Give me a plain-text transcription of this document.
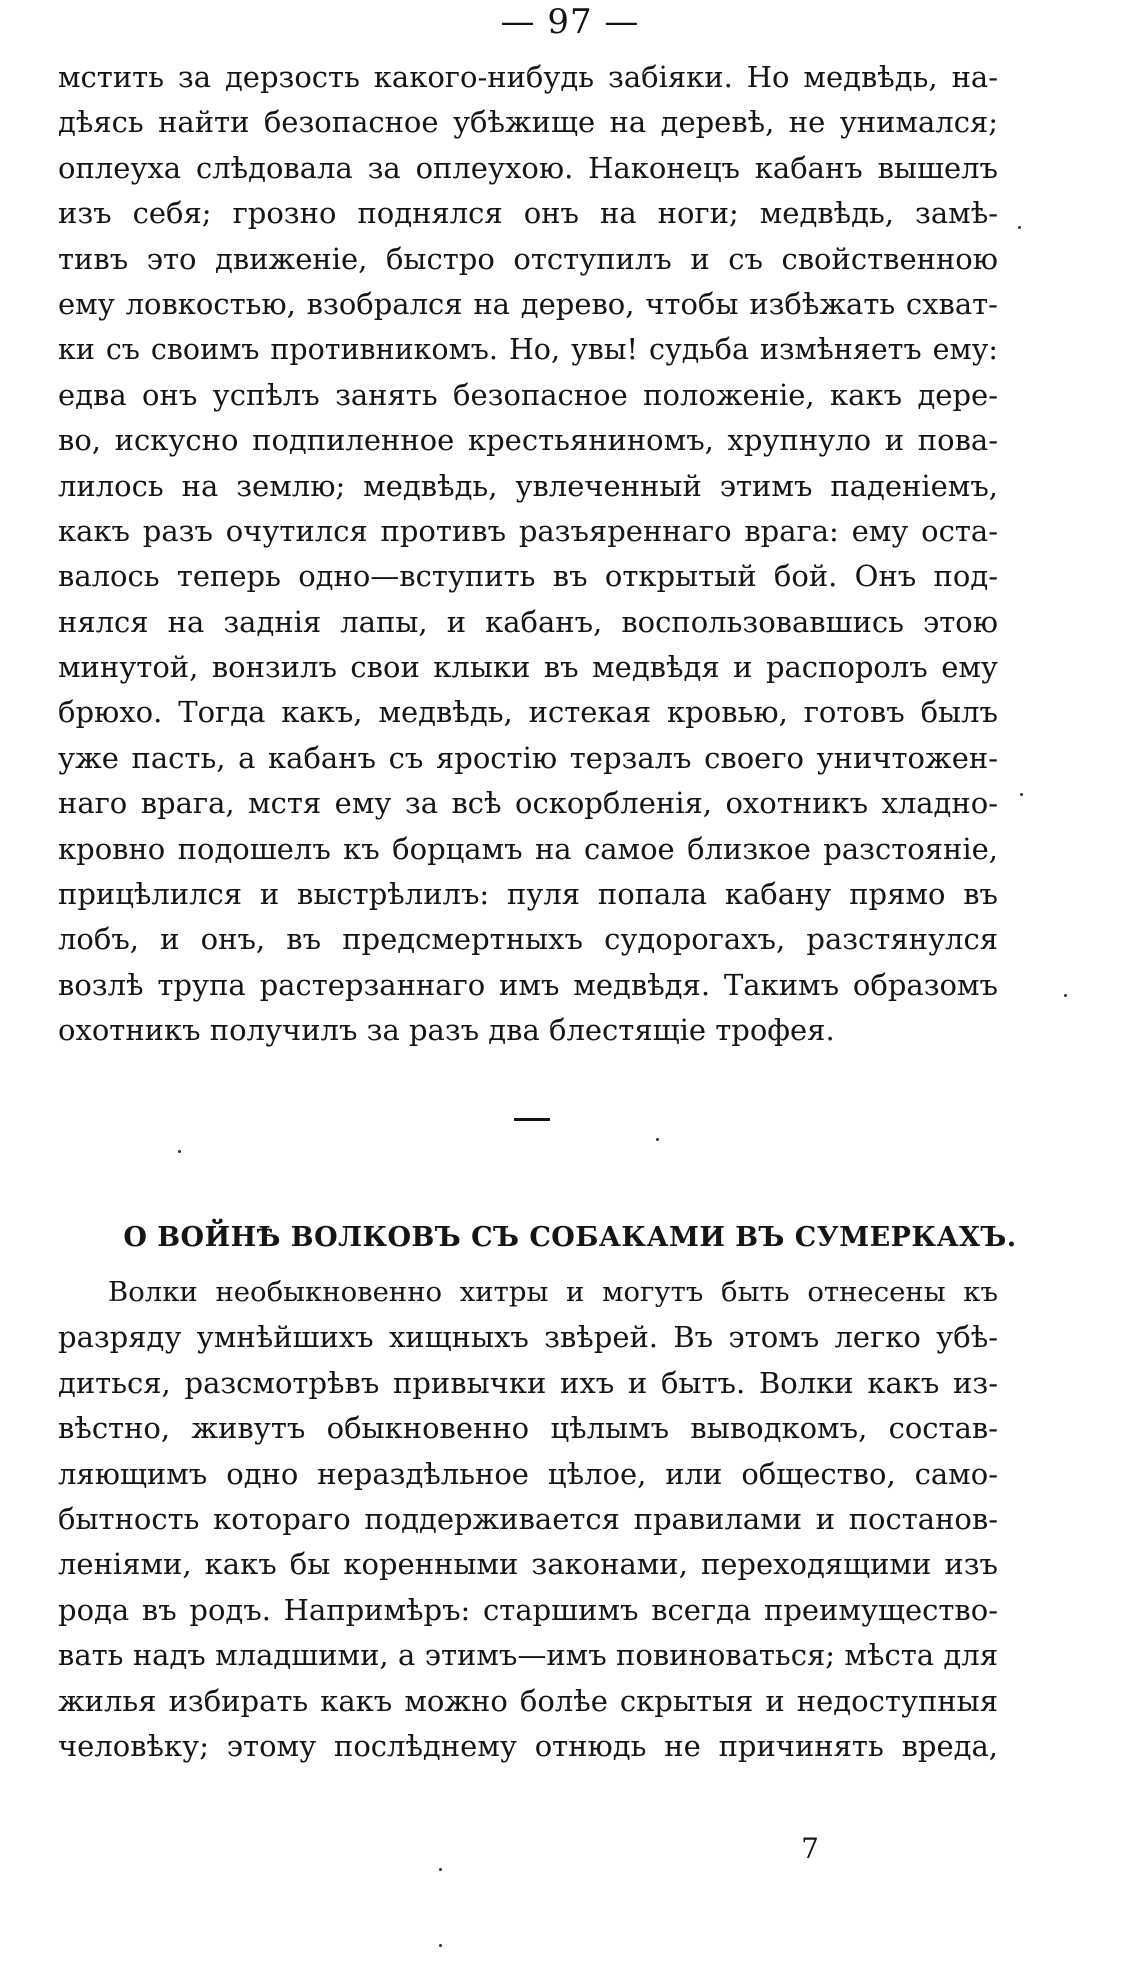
— 97 —
мстить за дерзость какого-нибудь забіяки. Но медвѣдь, на-
дѣясь найти безопасное убѣжище на деревѣ, не унимался;
оплеуха слѣдовала за оплеухою. Наконецъ кабанъ вышелъ
изъ себя; грозно поднялся онъ на ноги; медвѣдь, замѣ-
тивъ это движеніе, быстро отступилъ и съ свойственною
ему ловкостью, взобрался на дерево, чтобы избѣжать схват-
ки съ своимъ противникомъ. Но, увы! судьба измѣняетъ ему:
едва онъ успѣлъ занять безопасное положеніе, какъ дере-
во, искусно подпиленное крестьяниномъ, хрупнуло и пова-
лилось на землю; медвѣдь, увлеченный этимъ паденіемъ,
какъ разъ очутился противъ разъяреннаго врага: ему оста-
валось теперь одно—вступить въ открытый бой. Онъ под-
нялся на заднія лапы, и кабанъ, воспользовавшись этою
минутой, вонзилъ свои клыки въ медвѣдя и распоролъ ему
брюхо. Тогда какъ, медвѣдь, истекая кровью, готовъ былъ
уже пасть, а кабанъ съ яростію терзалъ своего уничтожен-
наго врага, мстя ему за всѣ оскорбленія, охотникъ хладно-
кровно подошелъ къ борцамъ на самое близкое разстояніе,
прицѣлился и выстрѣлилъ: пуля попала кабану прямо въ
лобъ, и онъ, въ предсмертныхъ судорогахъ, разстянулся
возлѣ трупа растерзаннаго имъ медвѣдя. Такимъ образомъ
охотникъ получилъ за разъ два блестящіе трофея.
О ВОЙНѢ ВОЛКОВЪ СЪ СОБАКАМИ ВЪ СУМЕРКАХЪ.
Волки необыкновенно хитры и могутъ быть отнесены къ
разряду умнѣйшихъ хищныхъ звѣрей. Въ этомъ легко убѣ-
диться, разсмотрѣвъ привычки ихъ и бытъ. Волки какъ из-
вѣстно, живутъ обыкновенно цѣлымъ выводкомъ, состав-
ляющимъ одно нераздѣльное цѣлое, или общество, само-
бытность котораго поддерживается правилами и постанов-
леніями, какъ бы коренными законами, переходящими изъ
рода въ родъ. Напримѣръ: старшимъ всегда преимуществo-
вать надъ младшими, а этимъ—имъ повиноваться; мѣста для
жилья избирать какъ можно болѣе скрытыя и недоступныя
человѣку; этому послѣднему отнюдь не причинять вреда,
7
